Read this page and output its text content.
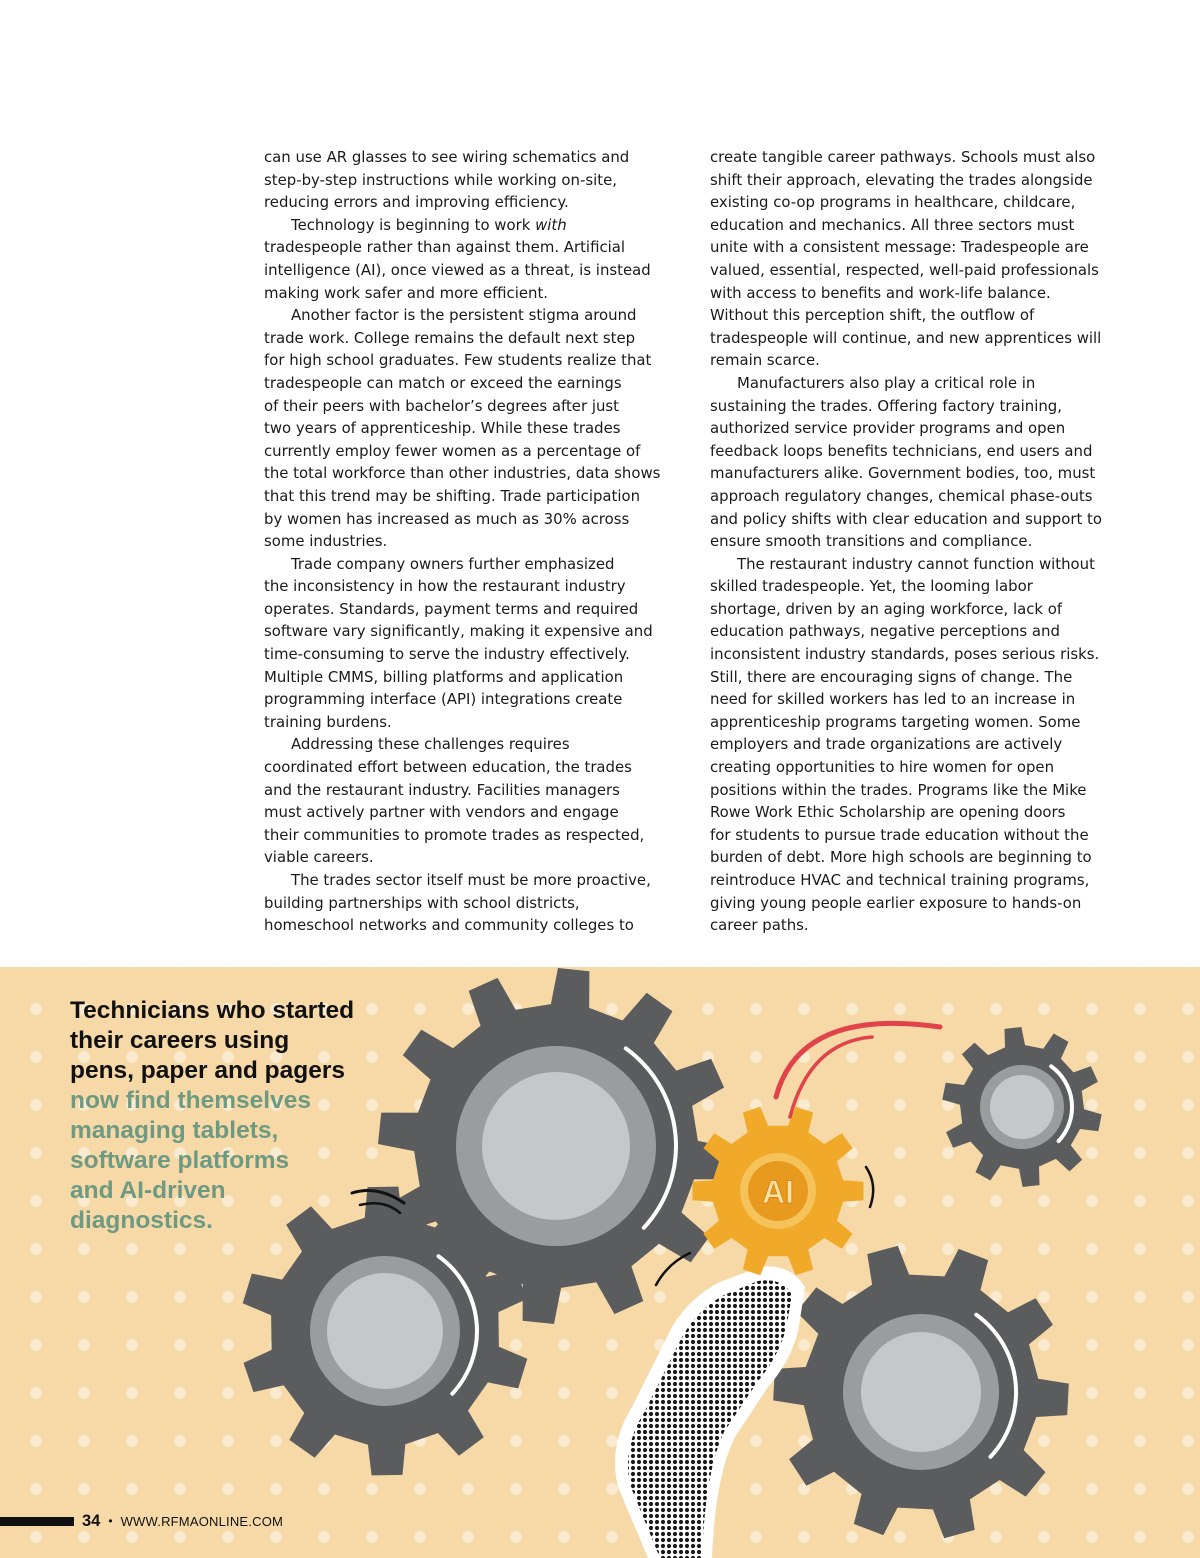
can use AR glasses to see wiring schematics and

step-by-step instructions while working on-site,

reducing errors and improving efficiency.

Technology is beginning to work with

tradespeople rather than against them. Artificial

intelligence (AI), once viewed as a threat, is instead

making work safer and more efficient.

Another factor is the persistent stigma around

trade work. College remains the default next step

for high school graduates. Few students realize that

tradespeople can match or exceed the earnings

of their peers with bachelor’s degrees after just

two years of apprenticeship. While these trades

currently employ fewer women as a percentage of

the total workforce than other industries, data shows

that this trend may be shifting. Trade participation

by women has increased as much as 30% across

some industries.

Trade company owners further emphasized

the inconsistency in how the restaurant industry

operates. Standards, payment terms and required

software vary significantly, making it expensive and

time-consuming to serve the industry effectively.

Multiple CMMS, billing platforms and application

programming interface (API) integrations create

training burdens.

Addressing these challenges requires

coordinated effort between education, the trades

and the restaurant industry. Facilities managers

must actively partner with vendors and engage

their communities to promote trades as respected,

viable careers.

The trades sector itself must be more proactive,

building partnerships with school districts,

homeschool networks and community colleges to

create tangible career pathways. Schools must also

shift their approach, elevating the trades alongside

existing co-op programs in healthcare, childcare,

education and mechanics. All three sectors must

unite with a consistent message: Tradespeople are

valued, essential, respected, well-paid professionals

with access to benefits and work-life balance.

Without this perception shift, the outflow of

tradespeople will continue, and new apprentices will

remain scarce.

Manufacturers also play a critical role in

sustaining the trades. Offering factory training,

authorized service provider programs and open

feedback loops benefits technicians, end users and

manufacturers alike. Government bodies, too, must

approach regulatory changes, chemical phase-outs

and policy shifts with clear education and support to

ensure smooth transitions and compliance.

The restaurant industry cannot function without

skilled tradespeople. Yet, the looming labor

shortage, driven by an aging workforce, lack of

education pathways, negative perceptions and

inconsistent industry standards, poses serious risks.

Still, there are encouraging signs of change. The

need for skilled workers has led to an increase in

apprenticeship programs targeting women. Some

employers and trade organizations are actively

creating opportunities to hire women for open

positions within the trades. Programs like the Mike

Rowe Work Ethic Scholarship are opening doors

for students to pursue trade education without the

burden of debt. More high schools are beginning to

reintroduce HVAC and technical training programs,

giving young people earlier exposure to hands-on

career paths.

AI
Technicians who started
their careers using
pens, paper and pagers
now find themselves
managing tablets,
software platforms
and AI-driven
diagnostics.
34 • WWW.RFMAONLINE.COM
